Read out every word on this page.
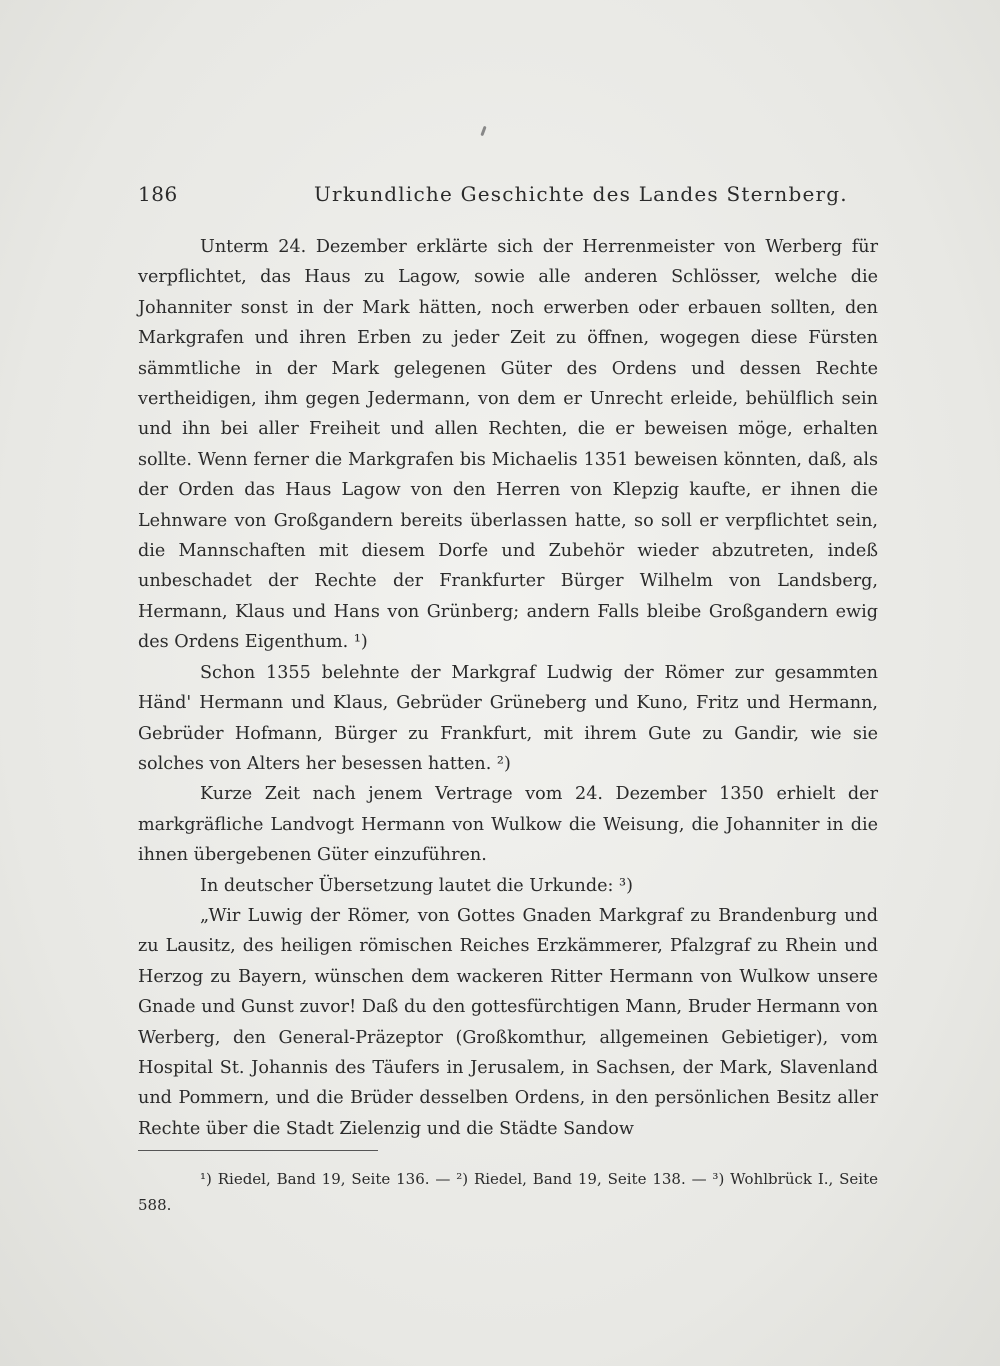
186	Urkundliche Geschichte des Landes Sternberg.

Unterm 24. Dezember erklärte sich der Herrenmeister von Werberg für verpflichtet, das Haus zu Lagow, sowie alle anderen Schlösser, welche die Johanniter sonst in der Mark hätten, noch erwerben oder erbauen sollten, den Markgrafen und ihren Erben zu jeder Zeit zu öffnen, wogegen diese Fürsten sämmtliche in der Mark gelegenen Güter des Ordens und dessen Rechte vertheidigen, ihm gegen Jedermann, von dem er Unrecht erleide, behülflich sein und ihn bei aller Freiheit und allen Rechten, die er beweisen möge, erhalten sollte. Wenn ferner die Markgrafen bis Michaelis 1351 beweisen könnten, daß, als der Orden das Haus Lagow von den Herren von Klepzig kaufte, er ihnen die Lehnware von Großgandern bereits überlassen hatte, so soll er verpflichtet sein, die Mannschaften mit diesem Dorfe und Zubehör wieder abzutreten, indeß unbeschadet der Rechte der Frankfurter Bürger Wilhelm von Landsberg, Hermann, Klaus und Hans von Grünberg; andern Falls bleibe Großgandern ewig des Ordens Eigenthum. ¹)

Schon 1355 belehnte der Markgraf Ludwig der Römer zur gesammten Händ' Hermann und Klaus, Gebrüder Grüneberg und Kuno, Fritz und Hermann, Gebrüder Hofmann, Bürger zu Frankfurt, mit ihrem Gute zu Gandir, wie sie solches von Alters her besessen hatten. ²)

Kurze Zeit nach jenem Vertrage vom 24. Dezember 1350 erhielt der markgräfliche Landvogt Hermann von Wulkow die Weisung, die Johanniter in die ihnen übergebenen Güter einzuführen.

In deutscher Übersetzung lautet die Urkunde: ³)

„Wir Luwig der Römer, von Gottes Gnaden Markgraf zu Brandenburg und zu Lausitz, des heiligen römischen Reiches Erzkämmerer, Pfalzgraf zu Rhein und Herzog zu Bayern, wünschen dem wackeren Ritter Hermann von Wulkow unsere Gnade und Gunst zuvor! Daß du den gottesfürchtigen Mann, Bruder Hermann von Werberg, den General-Präzeptor (Großkomthur, allgemeinen Gebietiger), vom Hospital St. Johannis des Täufers in Jerusalem, in Sachsen, der Mark, Slavenland und Pommern, und die Brüder desselben Ordens, in den persönlichen Besitz aller Rechte über die Stadt Zielenzig und die Städte Sandow

¹) Riedel, Band 19, Seite 136. — ²) Riedel, Band 19, Seite 138. — ³) Wohlbrück I., Seite 588.
